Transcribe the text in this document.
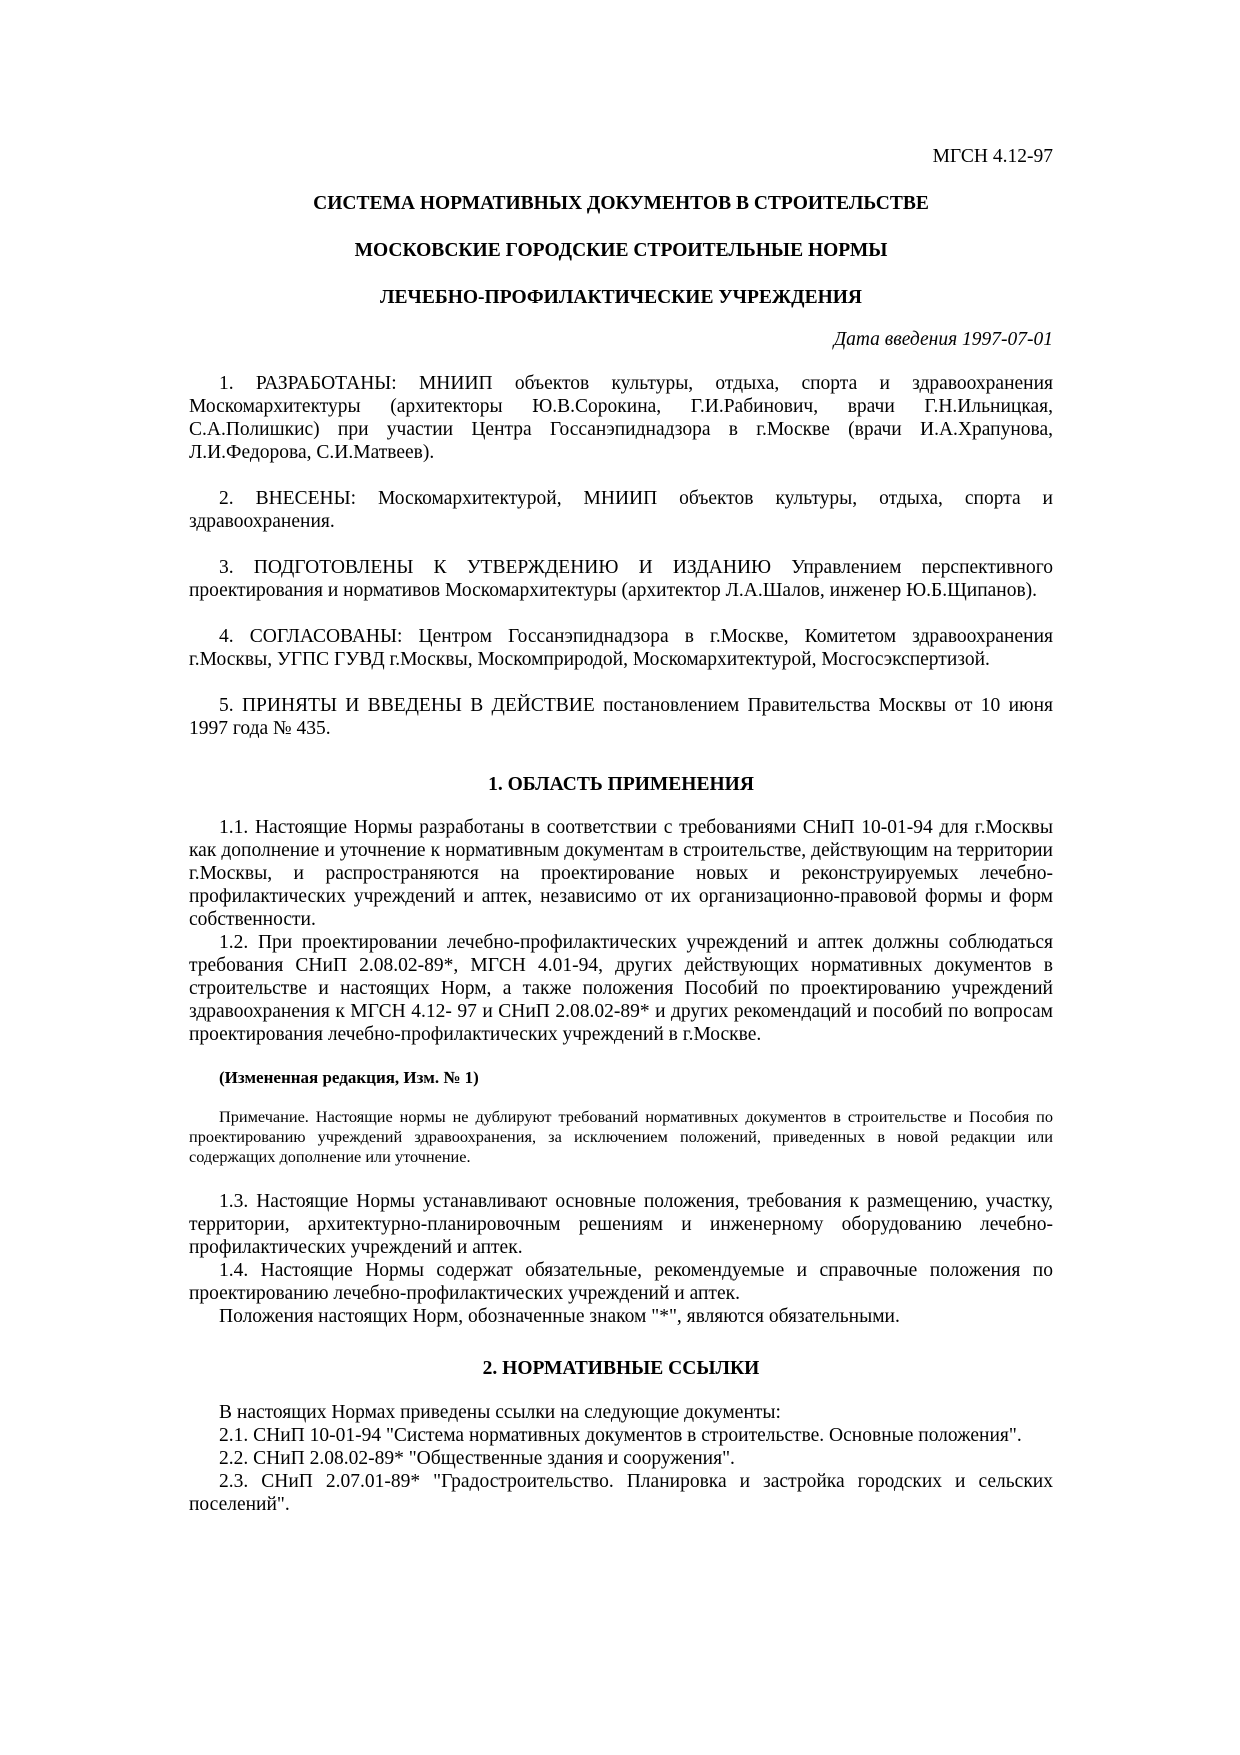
МГСН 4.12-97

СИСТЕМА НОРМАТИВНЫХ ДОКУМЕНТОВ В СТРОИТЕЛЬСТВЕ

МОСКОВСКИЕ ГОРОДСКИЕ СТРОИТЕЛЬНЫЕ НОРМЫ

ЛЕЧЕБНО-ПРОФИЛАКТИЧЕСКИЕ УЧРЕЖДЕНИЯ

Дата введения 1997-07-01

1. РАЗРАБОТАНЫ: МНИИП объектов культуры, отдыха, спорта и здравоохранения Москомархитектуры (архитекторы Ю.В.Сорокина, Г.И.Рабинович, врачи Г.Н.Ильницкая, С.А.Полишкис) при участии Центра Госсанэпиднадзора в г.Москве (врачи И.А.Храпунова, Л.И.Федорова, С.И.Матвеев).

2. ВНЕСЕНЫ: Москомархитектурой, МНИИП объектов культуры, отдыха, спорта и здравоохранения.

3. ПОДГОТОВЛЕНЫ К УТВЕРЖДЕНИЮ И ИЗДАНИЮ Управлением перспективного проектирования и нормативов Москомархитектуры (архитектор Л.А.Шалов, инженер Ю.Б.Щипанов).

4. СОГЛАСОВАНЫ: Центром Госсанэпиднадзора в г.Москве, Комитетом здравоохранения г.Москвы, УГПС ГУВД г.Москвы, Москомприродой, Москомархитектурой, Мосгосэкспертизой.

5. ПРИНЯТЫ И ВВЕДЕНЫ В ДЕЙСТВИЕ постановлением Правительства Москвы от 10 июня 1997 года № 435.

1. ОБЛАСТЬ ПРИМЕНЕНИЯ

1.1. Настоящие Нормы разработаны в соответствии с требованиями СНиП 10-01-94 для г.Москвы как дополнение и уточнение к нормативным документам в строительстве, действующим на территории г.Москвы, и распространяются на проектирование новых и реконструируемых лечебно-профилактических учреждений и аптек, независимо от их организационно-правовой формы и форм собственности.

1.2. При проектировании лечебно-профилактических учреждений и аптек должны соблюдаться требования СНиП 2.08.02-89*, МГСН 4.01-94, других действующих нормативных документов в строительстве и настоящих Норм, а также положения Пособий по проектированию учреждений здравоохранения к МГСН 4.12- 97 и СНиП 2.08.02-89* и других рекомендаций и пособий по вопросам проектирования лечебно-профилактических учреждений в г.Москве.

(Измененная редакция, Изм. № 1)

Примечание. Настоящие нормы не дублируют требований нормативных документов в строительстве и Пособия по проектированию учреждений здравоохранения, за исключением положений, приведенных в новой редакции или содержащих дополнение или уточнение.

1.3. Настоящие Нормы устанавливают основные положения, требования к размещению, участку, территории, архитектурно-планировочным решениям и инженерному оборудованию лечебно-профилактических учреждений и аптек.

1.4. Настоящие Нормы содержат обязательные, рекомендуемые и справочные положения по проектированию лечебно-профилактических учреждений и аптек.

Положения настоящих Норм, обозначенные знаком "*", являются обязательными.

2. НОРМАТИВНЫЕ ССЫЛКИ

В настоящих Нормах приведены ссылки на следующие документы:

2.1. СНиП 10-01-94 "Система нормативных документов в строительстве. Основные положения".

2.2. СНиП 2.08.02-89* "Общественные здания и сооружения".

2.3. СНиП 2.07.01-89* "Градостроительство. Планировка и застройка городских и сельских поселений".
